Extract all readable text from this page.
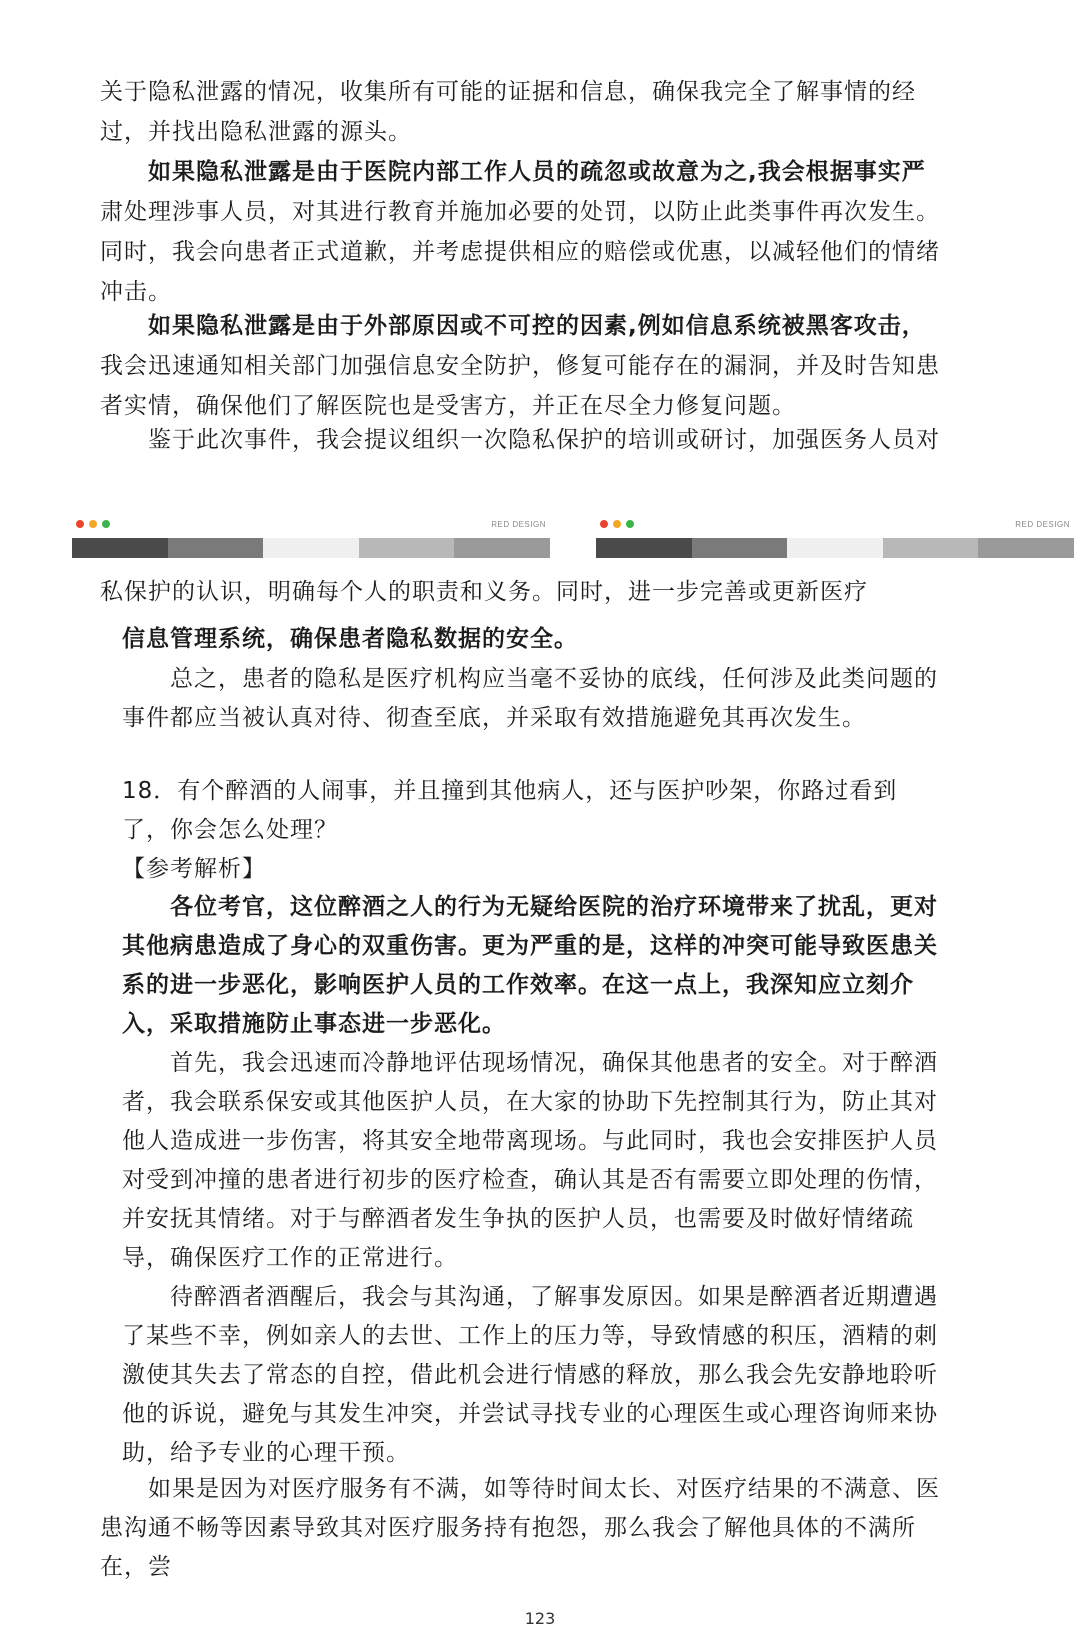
关于隐私泄露的情况，收集所有可能的证据和信息，确保我完全了解事情的经过，并找出隐私泄露的源头。

如果隐私泄露是由于医院内部工作人员的疏忽或故意为之,我会根据事实严肃处理涉事人员，对其进行教育并施加必要的处罚，以防止此类事件再次发生。同时，我会向患者正式道歉，并考虑提供相应的赔偿或优惠，以减轻他们的情绪冲击。

如果隐私泄露是由于外部原因或不可控的因素,例如信息系统被黑客攻击，我会迅速通知相关部门加强信息安全防护，修复可能存在的漏洞，并及时告知患者实情，确保他们了解医院也是受害方，并正在尽全力修复问题。

鉴于此次事件，我会提议组织一次隐私保护的培训或研讨，加强医务人员对

RED DESIGN	RED DESIGN

私保护的认识，明确每个人的职责和义务。同时，进一步完善或更新医疗

信息管理系统，确保患者隐私数据的安全。

总之，患者的隐私是医疗机构应当毫不妥协的底线，任何涉及此类问题的事件都应当被认真对待、彻查至底，并采取有效措施避免其再次发生。

18．有个醉酒的人闹事，并且撞到其他病人，还与医护吵架，你路过看到了，你会怎么处理？

【参考解析】

各位考官，这位醉酒之人的行为无疑给医院的治疗环境带来了扰乱，更对其他病患造成了身心的双重伤害。更为严重的是，这样的冲突可能导致医患关系的进一步恶化，影响医护人员的工作效率。在这一点上，我深知应立刻介入，采取措施防止事态进一步恶化。

首先，我会迅速而冷静地评估现场情况，确保其他患者的安全。对于醉酒者，我会联系保安或其他医护人员，在大家的协助下先控制其行为，防止其对他人造成进一步伤害，将其安全地带离现场。与此同时，我也会安排医护人员对受到冲撞的患者进行初步的医疗检查，确认其是否有需要立即处理的伤情，并安抚其情绪。对于与醉酒者发生争执的医护人员，也需要及时做好情绪疏导，确保医疗工作的正常进行。

待醉酒者酒醒后，我会与其沟通，了解事发原因。如果是醉酒者近期遭遇了某些不幸，例如亲人的去世、工作上的压力等，导致情感的积压，酒精的刺激使其失去了常态的自控，借此机会进行情感的释放，那么我会先安静地聆听他的诉说，避免与其发生冲突，并尝试寻找专业的心理医生或心理咨询师来协助，给予专业的心理干预。

如果是因为对医疗服务有不满，如等待时间太长、对医疗结果的不满意、医患沟通不畅等因素导致其对医疗服务持有抱怨，那么我会了解他具体的不满所在，尝

123
